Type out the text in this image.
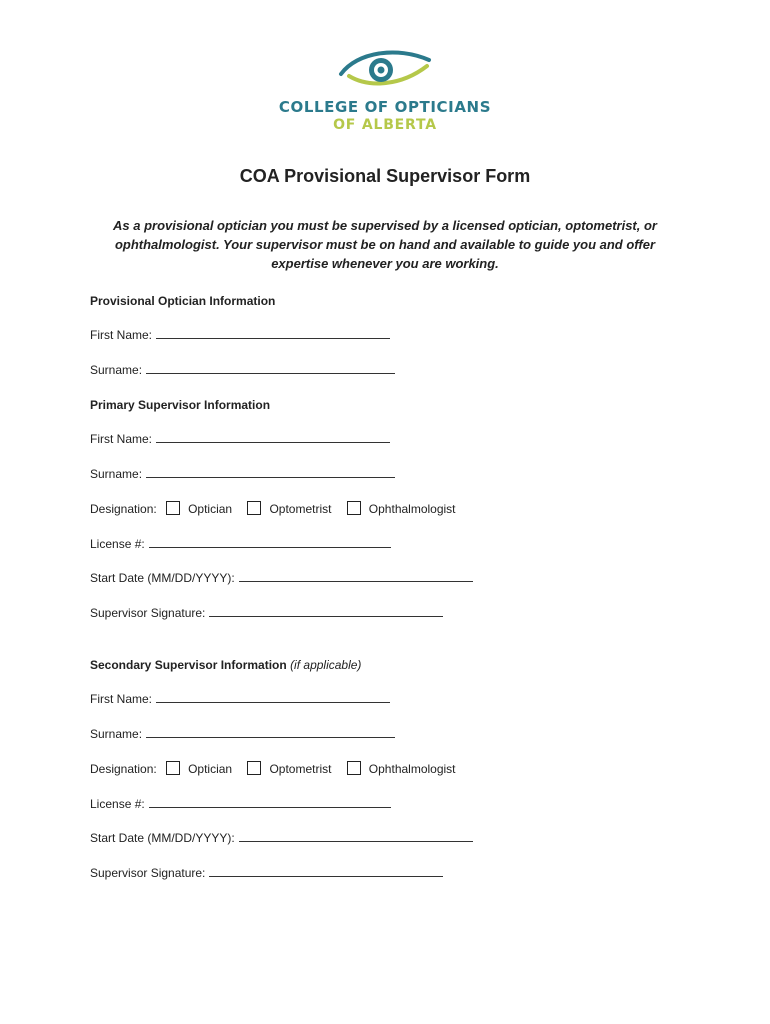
COLLEGE OF OPTICIANS
OF ALBERTA
COA Provisional Supervisor Form
As a provisional optician you must be supervised by a licensed optician, optometrist, or ophthalmologist. Your supervisor must be on hand and available to guide you and offer expertise whenever you are working.
Provisional Optician Information
First Name:
Surname:
Primary Supervisor Information
First Name:
Surname:
Designation:	Optician	Optometrist	Ophthalmologist
License #:
Start Date (MM/DD/YYYY):
Supervisor Signature:
Secondary Supervisor Information (if applicable)
First Name:
Surname:
Designation:	Optician	Optometrist	Ophthalmologist
License #:
Start Date (MM/DD/YYYY):
Supervisor Signature:
